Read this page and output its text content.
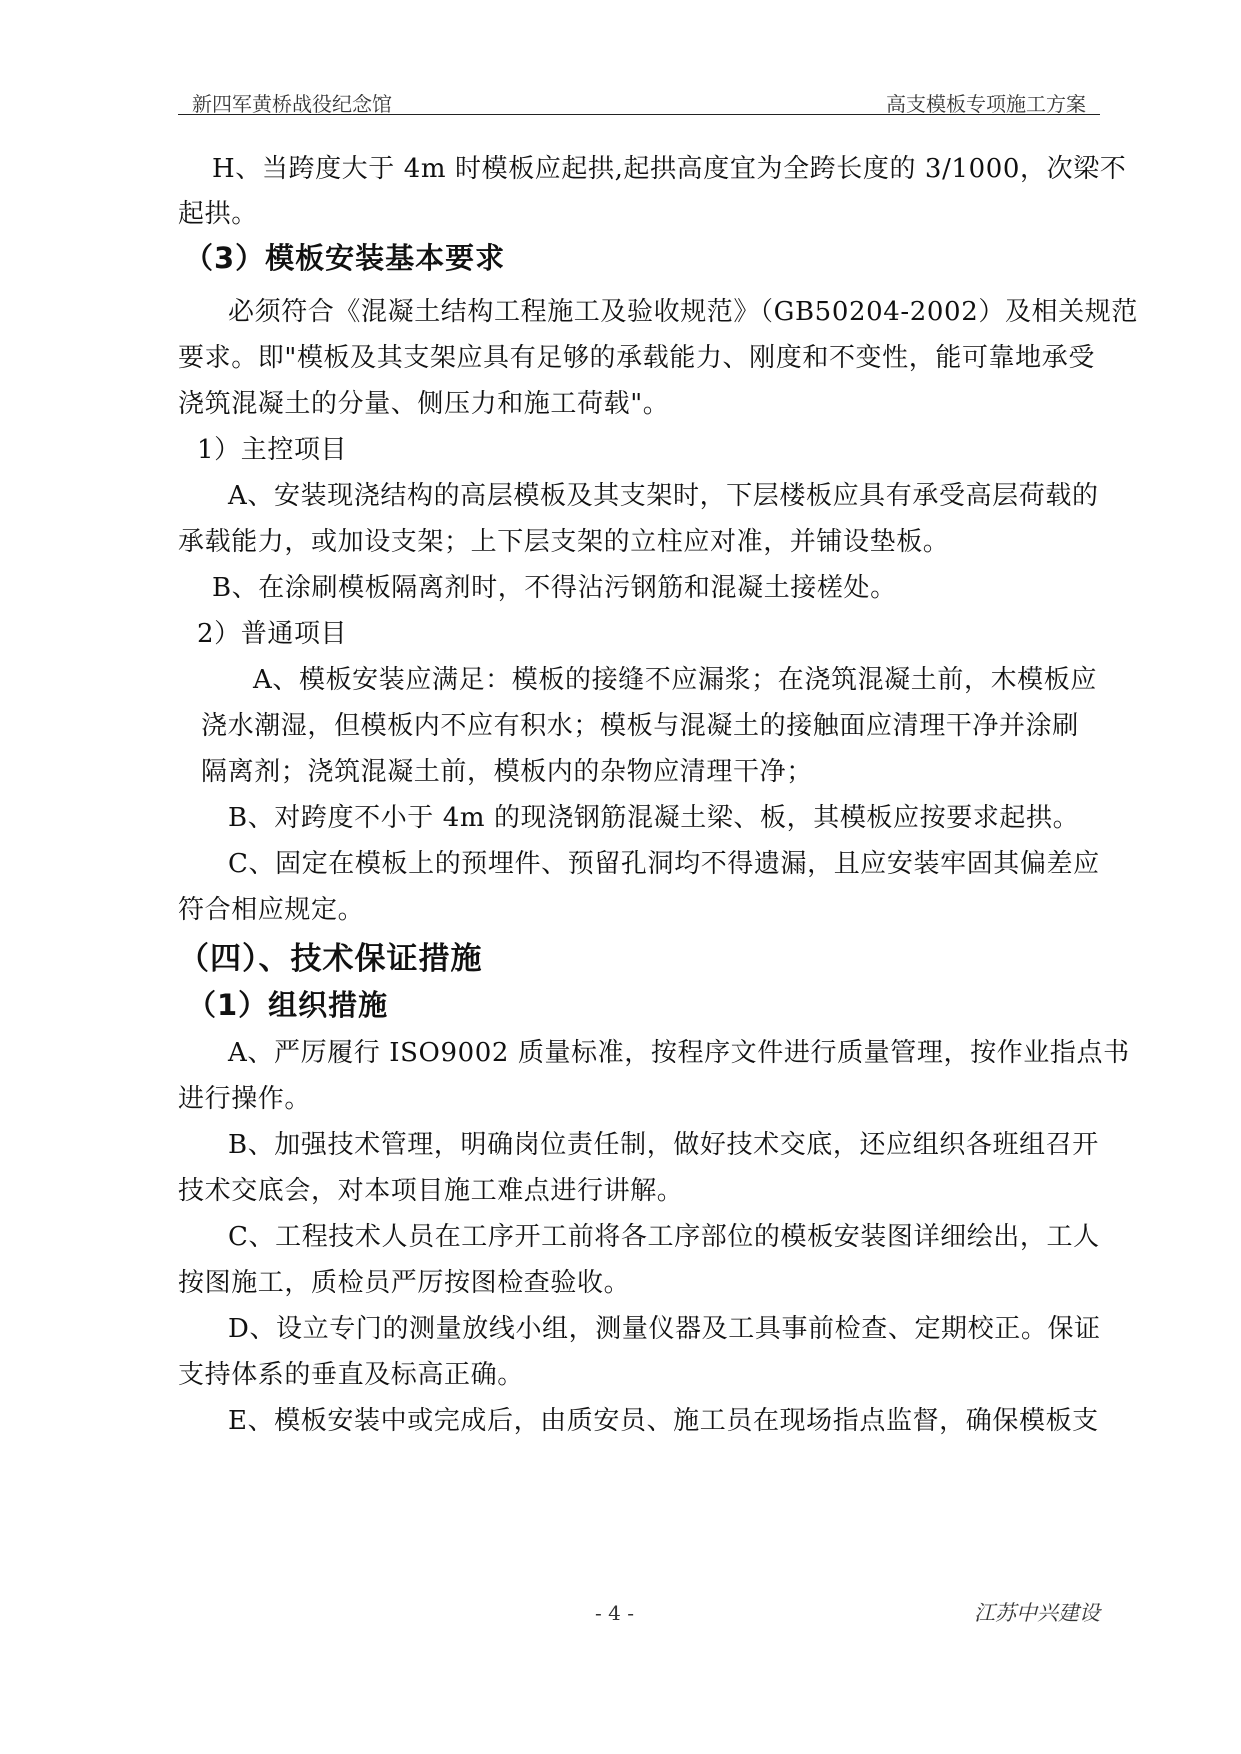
新四军黄桥战役纪念馆	高支模板专项施工方案
H、当跨度大于 4m 时模板应起拱,起拱高度宜为全跨长度的 3/1000，次梁不
起拱。
（3）模板安装基本要求
必须符合《混凝土结构工程施工及验收规范》（GB50204-2002）及相关规范
要求。即"模板及其支架应具有足够的承载能力、刚度和不变性，能可靠地承受
浇筑混凝土的分量、侧压力和施工荷载"。
1）主控项目
A、安装现浇结构的高层模板及其支架时，下层楼板应具有承受高层荷载的
承载能力，或加设支架；上下层支架的立柱应对准，并铺设垫板。
B、在涂刷模板隔离剂时，不得沾污钢筋和混凝土接槎处。
2）普通项目
A、模板安装应满足：模板的接缝不应漏浆；在浇筑混凝土前，木模板应
浇水潮湿，但模板内不应有积水；模板与混凝土的接触面应清理干净并涂刷
隔离剂；浇筑混凝土前，模板内的杂物应清理干净；
B、对跨度不小于 4m 的现浇钢筋混凝土梁、板，其模板应按要求起拱。
C、固定在模板上的预埋件、预留孔洞均不得遗漏，且应安装牢固其偏差应
符合相应规定。
（四）、技术保证措施
（1）组织措施
A、严厉履行 ISO9002 质量标准，按程序文件进行质量管理，按作业指点书
进行操作。
B、加强技术管理，明确岗位责任制，做好技术交底，还应组织各班组召开
技术交底会，对本项目施工难点进行讲解。
C、工程技术人员在工序开工前将各工序部位的模板安装图详细绘出，工人
按图施工，质检员严厉按图检查验收。
D、设立专门的测量放线小组，测量仪器及工具事前检查、定期校正。保证
支持体系的垂直及标高正确。
E、模板安装中或完成后，由质安员、施工员在现场指点监督，确保模板支
- 4 -	江苏中兴建设
